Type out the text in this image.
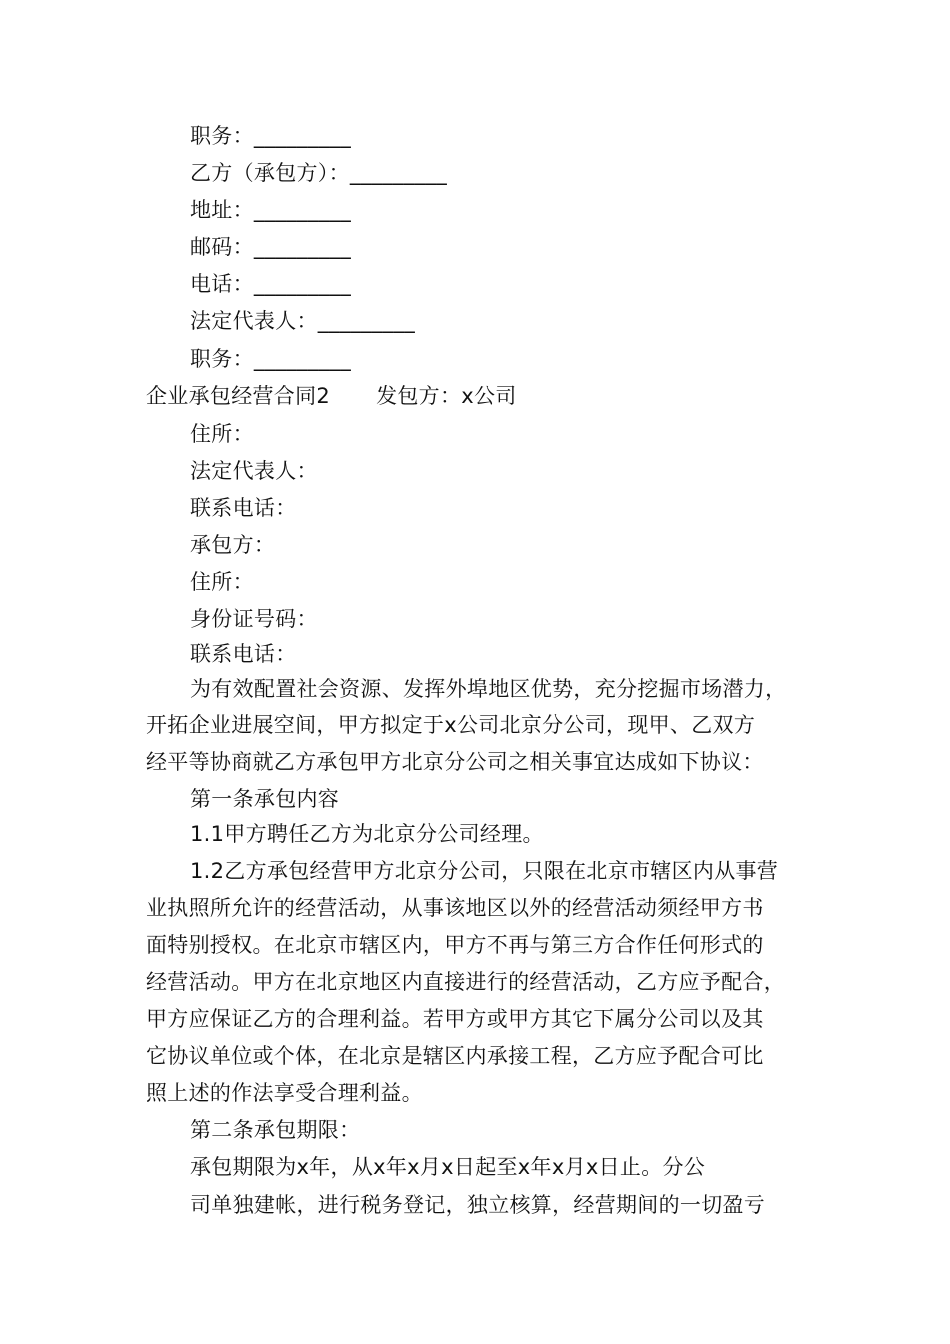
职务：_________
乙方（承包方）：_________
地址：_________
邮码：_________
电话：_________
法定代表人：_________
职务：_________
企业承包经营合同2 发包方：x公司
住所：
法定代表人：
联系电话：
承包方：
住所：
身份证号码：
联系电话：
为有效配置社会资源、发挥外埠地区优势，充分挖掘市场潜力，
开拓企业进展空间，甲方拟定于x公司北京分公司，现甲、乙双方
经平等协商就乙方承包甲方北京分公司之相关事宜达成如下协议：
第一条承包内容
1.1甲方聘任乙方为北京分公司经理。
1.2乙方承包经营甲方北京分公司，只限在北京市辖区内从事营
业执照所允许的经营活动，从事该地区以外的经营活动须经甲方书
面特别授权。在北京市辖区内，甲方不再与第三方合作任何形式的
经营活动。甲方在北京地区内直接进行的经营活动，乙方应予配合，
甲方应保证乙方的合理利益。若甲方或甲方其它下属分公司以及其
它协议单位或个体，在北京是辖区内承接工程，乙方应予配合可比
照上述的作法享受合理利益。
第二条承包期限：
承包期限为x年，从x年x月x日起至x年x月x日止。分公
司单独建帐，进行税务登记，独立核算，经营期间的一切盈亏
